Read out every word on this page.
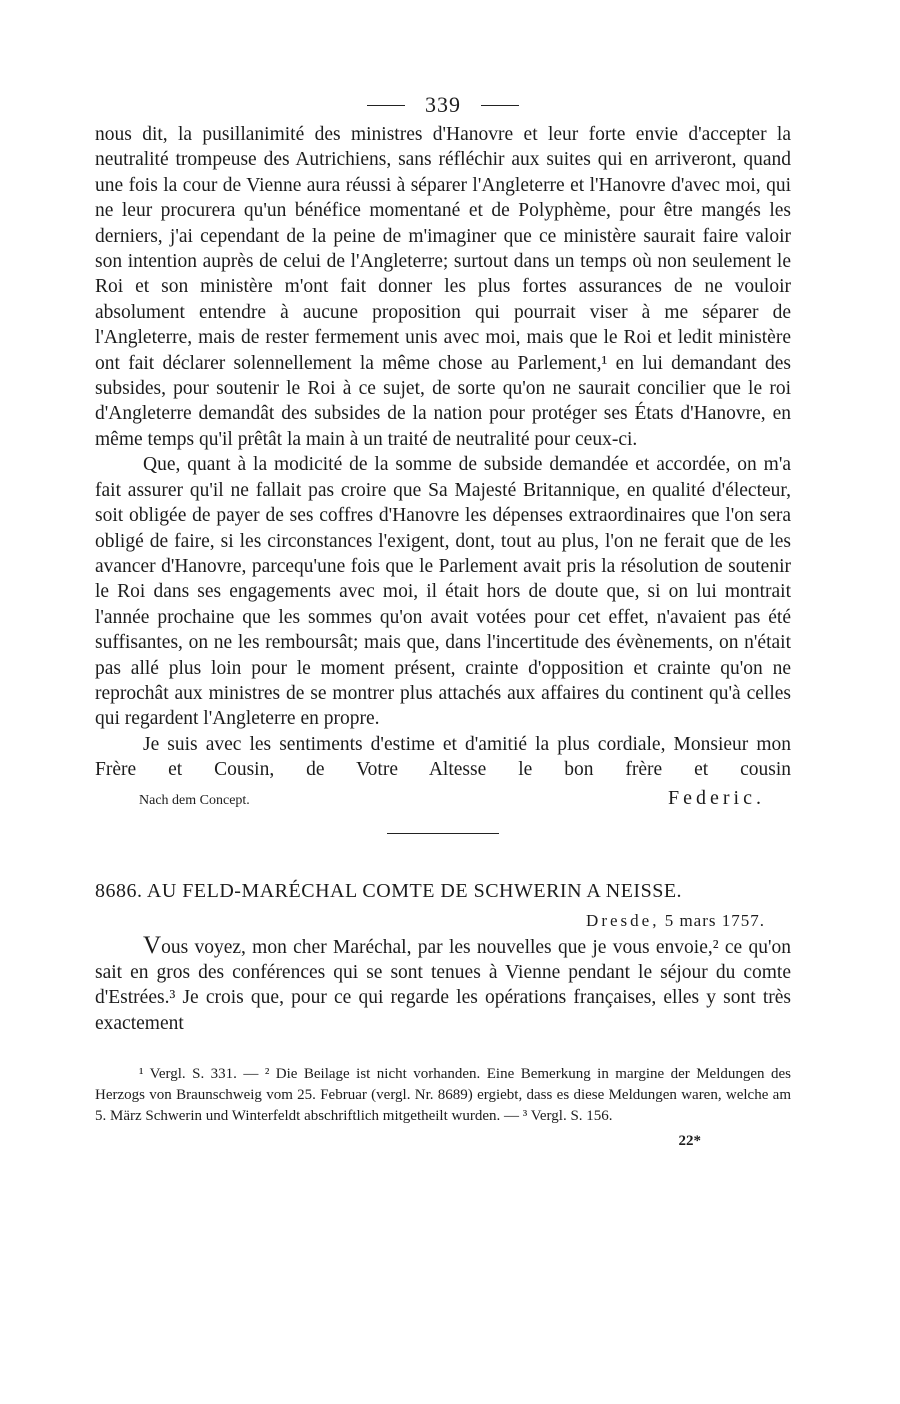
339

nous dit, la pusillanimité des ministres d'Hanovre et leur forte envie d'accepter la neutralité trompeuse des Autrichiens, sans réfléchir aux suites qui en arriveront, quand une fois la cour de Vienne aura réussi à séparer l'Angleterre et l'Hanovre d'avec moi, qui ne leur procurera qu'un bénéfice momentané et de Polyphème, pour être mangés les derniers, j'ai cependant de la peine de m'imaginer que ce ministère saurait faire valoir son intention auprès de celui de l'Angleterre; surtout dans un temps où non seulement le Roi et son ministère m'ont fait donner les plus fortes assurances de ne vouloir absolument entendre à aucune proposition qui pourrait viser à me séparer de l'Angleterre, mais de rester fermement unis avec moi, mais que le Roi et ledit ministère ont fait déclarer solennellement la même chose au Parlement,¹ en lui demandant des subsides, pour soutenir le Roi à ce sujet, de sorte qu'on ne saurait concilier que le roi d'Angleterre demandât des subsides de la nation pour protéger ses États d'Hanovre, en même temps qu'il prêtât la main à un traité de neutralité pour ceux-ci.

Que, quant à la modicité de la somme de subside demandée et accordée, on m'a fait assurer qu'il ne fallait pas croire que Sa Majesté Britannique, en qualité d'électeur, soit obligée de payer de ses coffres d'Hanovre les dépenses extraordinaires que l'on sera obligé de faire, si les circonstances l'exigent, dont, tout au plus, l'on ne ferait que de les avancer d'Hanovre, parcequ'une fois que le Parlement avait pris la résolution de soutenir le Roi dans ses engagements avec moi, il était hors de doute que, si on lui montrait l'année prochaine que les sommes qu'on avait votées pour cet effet, n'avaient pas été suffisantes, on ne les remboursât; mais que, dans l'incertitude des évènements, on n'était pas allé plus loin pour le moment présent, crainte d'opposition et crainte qu'on ne reprochât aux ministres de se montrer plus attachés aux affaires du continent qu'à celles qui regardent l'Angleterre en propre.

Je suis avec les sentiments d'estime et d'amitié la plus cordiale, Monsieur mon Frère et Cousin, de Votre Altesse le bon frère et cousin

Nach dem Concept.	Federic.
8686. AU FELD-MARÉCHAL COMTE DE SCHWERIN A NEISSE.
Dresde, 5 mars 1757.

Vous voyez, mon cher Maréchal, par les nouvelles que je vous envoie,² ce qu'on sait en gros des conférences qui se sont tenues à Vienne pendant le séjour du comte d'Estrées.³ Je crois que, pour ce qui regarde les opérations françaises, elles y sont très exactement

¹ Vergl. S. 331. — ² Die Beilage ist nicht vorhanden. Eine Bemerkung in margine der Meldungen des Herzogs von Braunschweig vom 25. Februar (vergl. Nr. 8689) ergiebt, dass es diese Meldungen waren, welche am 5. März Schwerin und Winterfeldt abschriftlich mitgetheilt wurden. — ³ Vergl. S. 156.

22*
